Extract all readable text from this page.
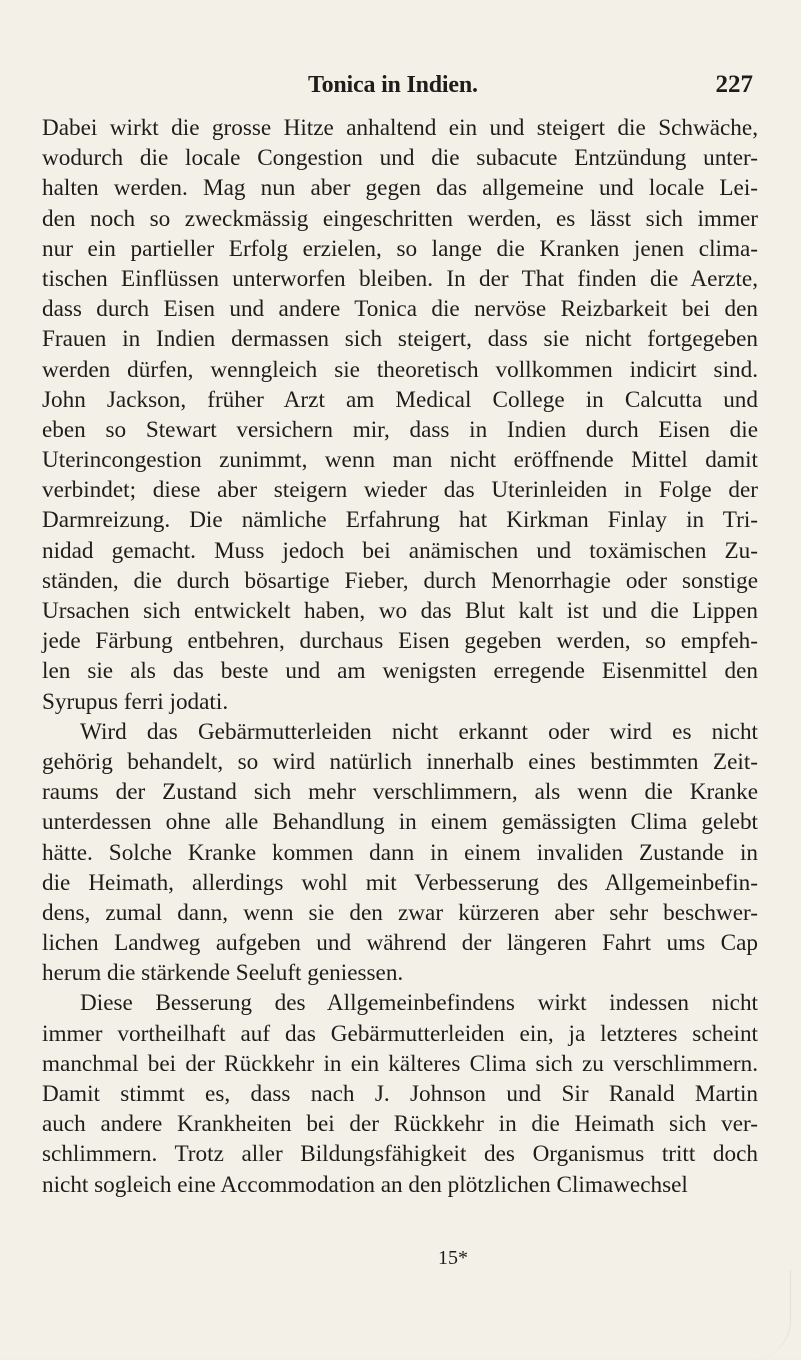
Tonica in Indien.	227

Dabei wirkt die grosse Hitze anhaltend ein und steigert die Schwäche,
wodurch die locale Congestion und die subacute Entzündung unter-
halten werden. Mag nun aber gegen das allgemeine und locale Lei-
den noch so zweckmässig eingeschritten werden, es lässt sich immer
nur ein partieller Erfolg erzielen, so lange die Kranken jenen clima-
tischen Einflüssen unterworfen bleiben. In der That finden die Aerzte,
dass durch Eisen und andere Tonica die nervöse Reizbarkeit bei den
Frauen in Indien dermassen sich steigert, dass sie nicht fortgegeben
werden dürfen, wenngleich sie theoretisch vollkommen indicirt sind.
John Jackson, früher Arzt am Medical College in Calcutta und
eben so Stewart versichern mir, dass in Indien durch Eisen die
Uterincongestion zunimmt, wenn man nicht eröffnende Mittel damit
verbindet; diese aber steigern wieder das Uterinleiden in Folge der
Darmreizung. Die nämliche Erfahrung hat Kirkman Finlay in Tri-
nidad gemacht. Muss jedoch bei anämischen und toxämischen Zu-
ständen, die durch bösartige Fieber, durch Menorrhagie oder sonstige
Ursachen sich entwickelt haben, wo das Blut kalt ist und die Lippen
jede Färbung entbehren, durchaus Eisen gegeben werden, so empfeh-
len sie als das beste und am wenigsten erregende Eisenmittel den
Syrupus ferri jodati.

Wird das Gebärmutterleiden nicht erkannt oder wird es nicht
gehörig behandelt, so wird natürlich innerhalb eines bestimmten Zeit-
raums der Zustand sich mehr verschlimmern, als wenn die Kranke
unterdessen ohne alle Behandlung in einem gemässigten Clima gelebt
hätte. Solche Kranke kommen dann in einem invaliden Zustande in
die Heimath, allerdings wohl mit Verbesserung des Allgemeinbefin-
dens, zumal dann, wenn sie den zwar kürzeren aber sehr beschwer-
lichen Landweg aufgeben und während der längeren Fahrt ums Cap
herum die stärkende Seeluft geniessen.

Diese Besserung des Allgemeinbefindens wirkt indessen nicht
immer vortheilhaft auf das Gebärmutterleiden ein, ja letzteres scheint
manchmal bei der Rückkehr in ein kälteres Clima sich zu verschlimmern.
Damit stimmt es, dass nach J. Johnson und Sir Ranald Martin
auch andere Krankheiten bei der Rückkehr in die Heimath sich ver-
schlimmern. Trotz aller Bildungsfähigkeit des Organismus tritt doch
nicht sogleich eine Accommodation an den plötzlichen Climawechsel

15*
